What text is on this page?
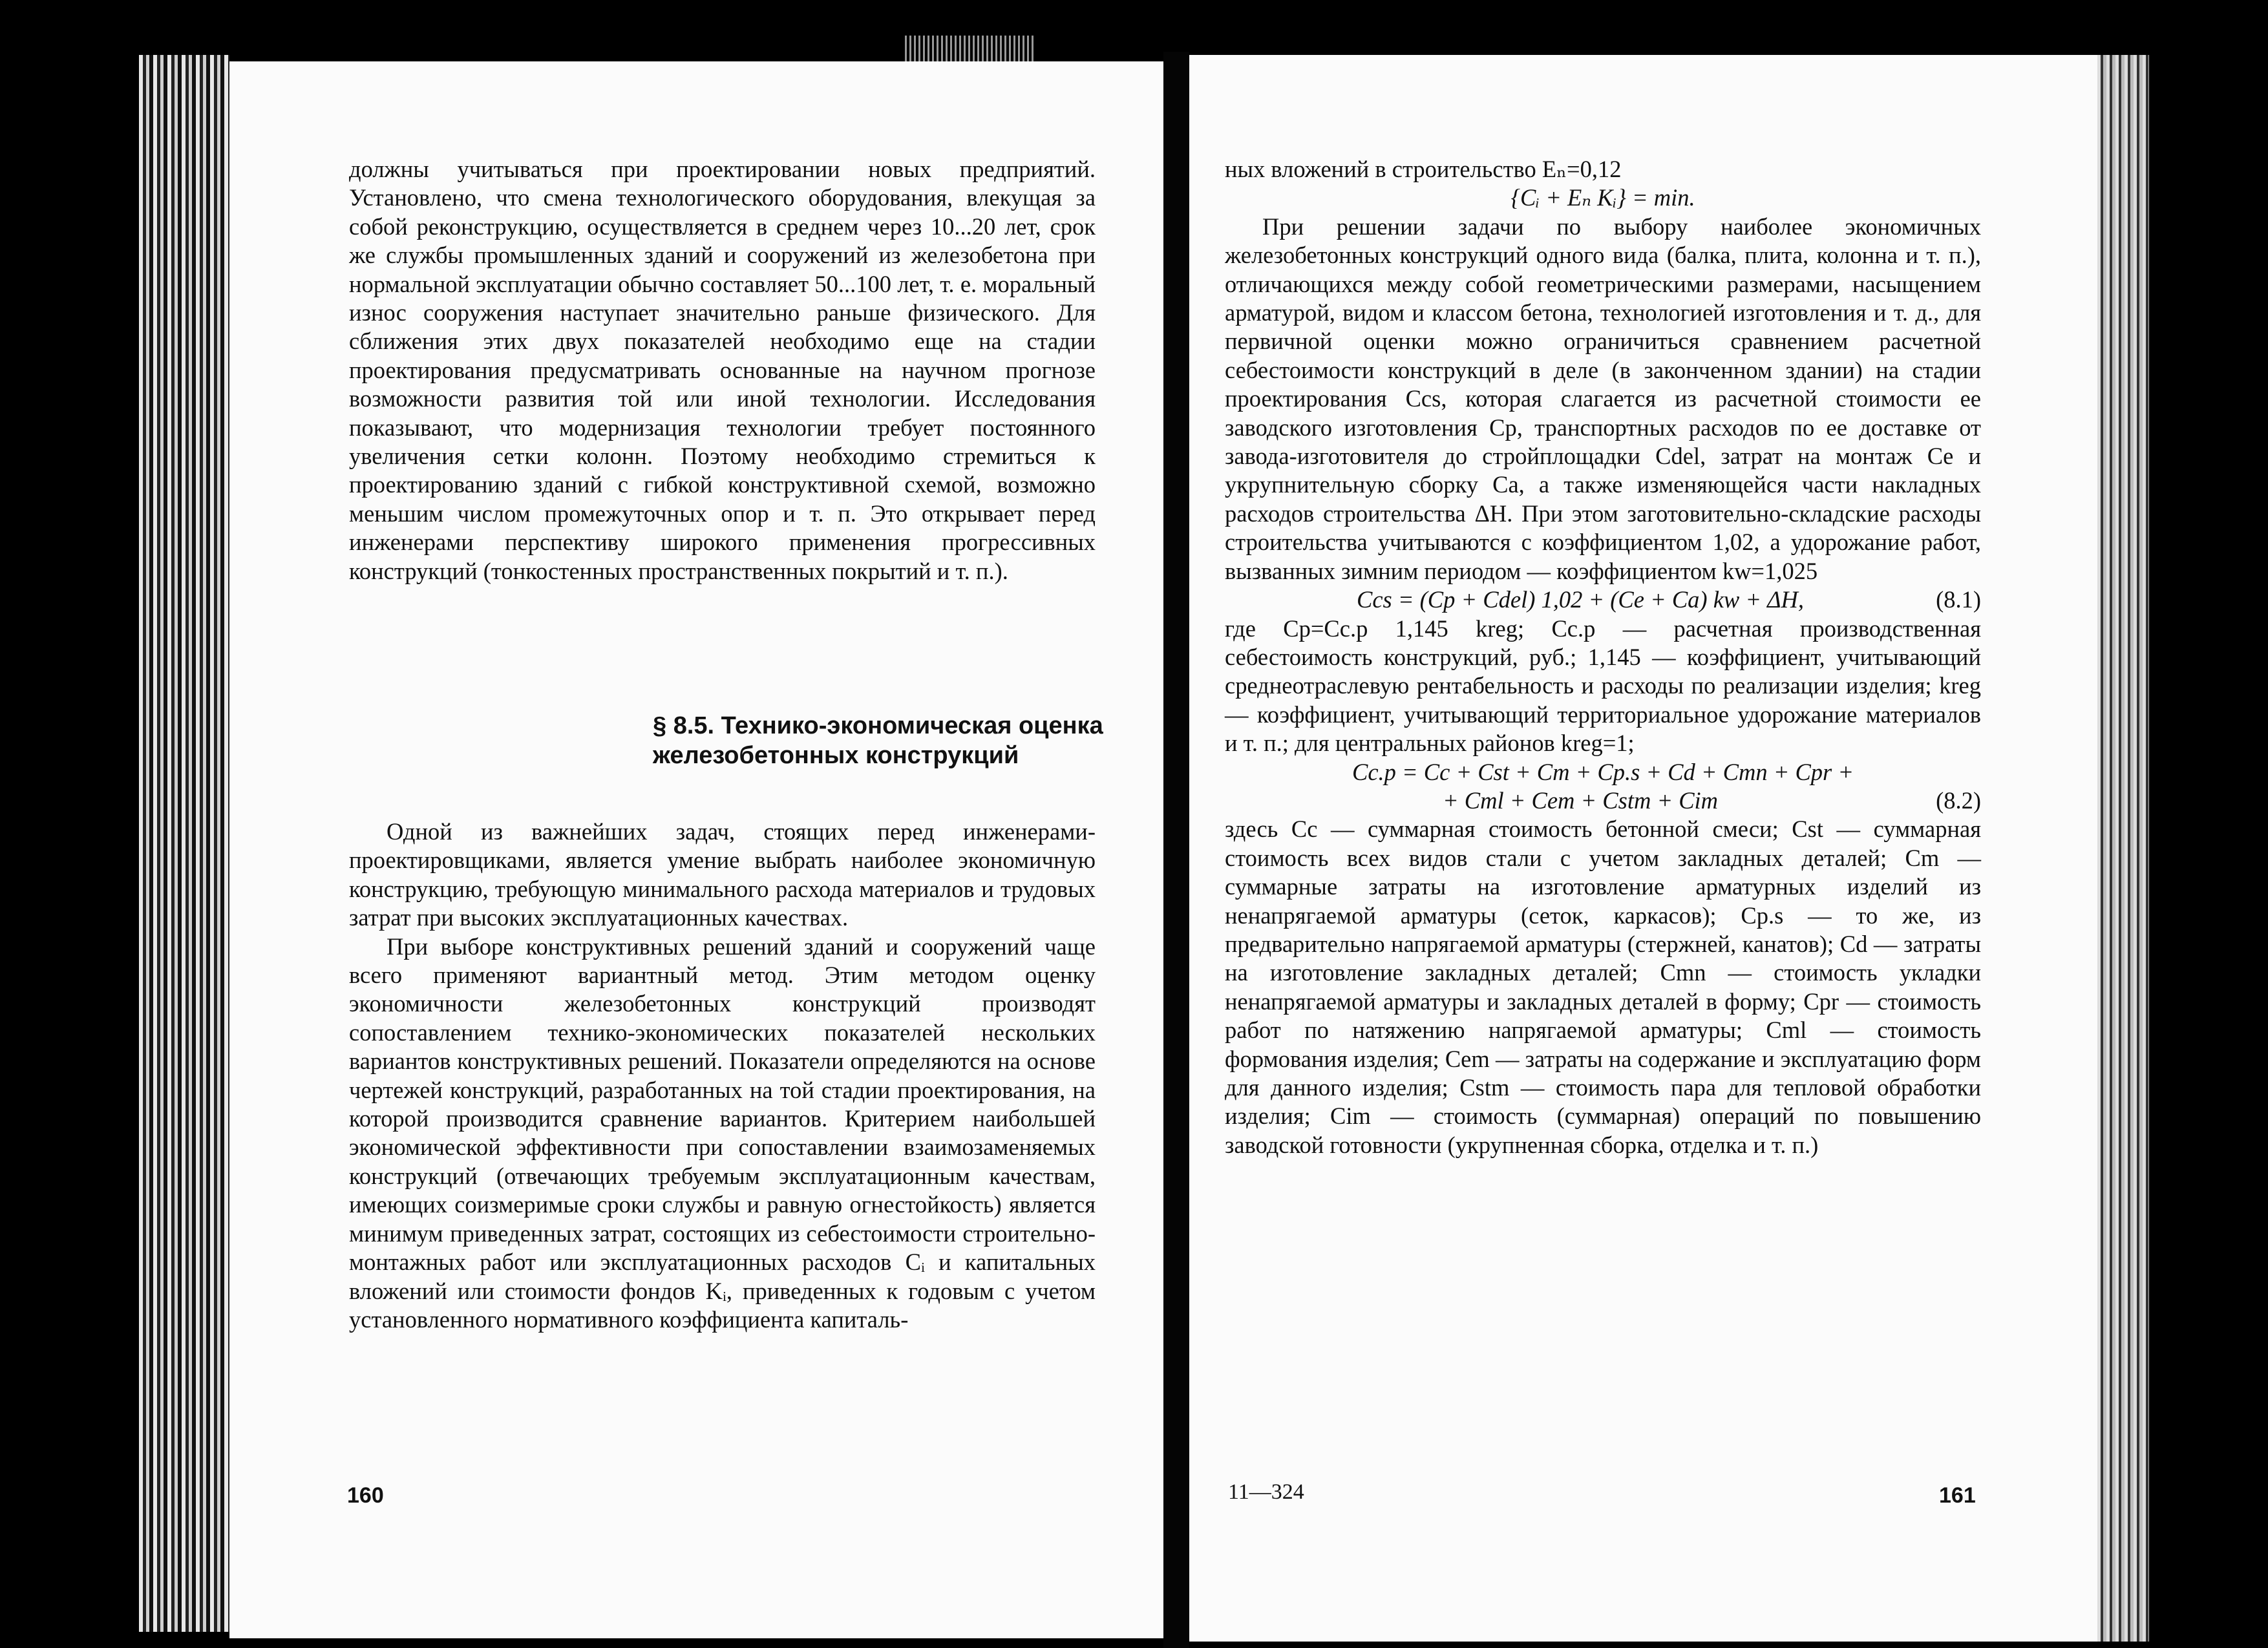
должны учитываться при проектировании новых предприятий. Установлено, что смена технологического оборудования, влекущая за собой реконструкцию, осуществляется в среднем через 10...20 лет, срок же службы промышленных зданий и сооружений из железобетона при нормальной эксплуатации обычно составляет 50...100 лет, т. е. моральный износ сооружения наступает значительно раньше физического. Для сближения этих двух показателей необходимо еще на стадии проектирования предусматривать основанные на научном прогнозе возможности развития той или иной технологии. Исследования показывают, что модернизация технологии требует постоянного увеличения сетки колонн. Поэтому необходимо стремиться к проектированию зданий с гибкой конструктивной схемой, возможно меньшим числом промежуточных опор и т. п. Это открывает перед инженерами перспективу широкого применения прогрессивных конструкций (тонкостенных пространственных покрытий и т. п.).

§ 8.5. Технико-экономическая оценка железобетонных конструкций

Одной из важнейших задач, стоящих перед инженерами-проектировщиками, является умение выбрать наиболее экономичную конструкцию, требующую минимального расхода материалов и трудовых затрат при высоких эксплуатационных качествах.

При выборе конструктивных решений зданий и сооружений чаще всего применяют вариантный метод. Этим методом оценку экономичности железобетонных конструкций производят сопоставлением технико-экономических показателей нескольких вариантов конструктивных решений. Показатели определяются на основе чертежей конструкций, разработанных на той стадии проектирования, на которой производится сравнение вариантов. Критерием наибольшей экономической эффективности при сопоставлении взаимозаменяемых конструкций (отвечающих требуемым эксплуатационным качествам, имеющих соизмеримые сроки службы и равную огнестойкость) является минимум приведенных затрат, состоящих из себестоимости строительно-монтажных работ или эксплуатационных расходов Cᵢ и капитальных вложений или стоимости фондов Kᵢ, приведенных к годовым с учетом установленного нормативного коэффициента капиталь-

160

ных вложений в строительство Eₙ=0,12

{Cᵢ + Eₙ Kᵢ} = min.

При решении задачи по выбору наиболее экономичных железобетонных конструкций одного вида (балка, плита, колонна и т. п.), отличающихся между собой геометрическими размерами, насыщением арматурой, видом и классом бетона, технологией изготовления и т. д., для первичной оценки можно ограничиться сравнением расчетной себестоимости конструкций в деле (в законченном здании) на стадии проектирования Ccs, которая слагается из расчетной стоимости ее заводского изготовления Cp, транспортных расходов по ее доставке от завода-изготовителя до стройплощадки Cdel, затрат на монтаж Ce и укрупнительную сборку Ca, а также изменяющейся части накладных расходов строительства ΔH. При этом заготовительно-складские расходы строительства учитываются с коэффициентом 1,02, а удорожание работ, вызванных зимним периодом — коэффициентом kw=1,025

Ccs = (Cp + Cdel) 1,02 + (Ce + Ca) kw + ΔH,	(8.1)

где Cp=Cc.p 1,145 kreg; Cc.p — расчетная производственная себестоимость конструкций, руб.; 1,145 — коэффициент, учитывающий среднеотраслевую рентабельность и расходы по реализации изделия; kreg — коэффициент, учитывающий территориальное удорожание материалов и т. п.; для центральных районов kreg=1;

Cc.p = Cc + Cst + Cm + Cp.s + Cd + Cmn + Cpr +

+ Cml + Cem + Cstm + Cim	(8.2)

здесь Cc — суммарная стоимость бетонной смеси; Cst — суммарная стоимость всех видов стали с учетом закладных деталей; Cm — суммарные затраты на изготовление арматурных изделий из ненапрягаемой арматуры (сеток, каркасов); Cp.s — то же, из предварительно напрягаемой арматуры (стержней, канатов); Cd — затраты на изготовление закладных деталей; Cmn — стоимость укладки ненапрягаемой арматуры и закладных деталей в форму; Cpr — стоимость работ по натяжению напрягаемой арматуры; Cml — стоимость формования изделия; Cem — затраты на содержание и эксплуатацию форм для данного изделия; Cstm — стоимость пара для тепловой обработки изделия; Cim — стоимость (суммарная) операций по повышению заводской готовности (укрупненная сборка, отделка и т. п.)

11—324	161
